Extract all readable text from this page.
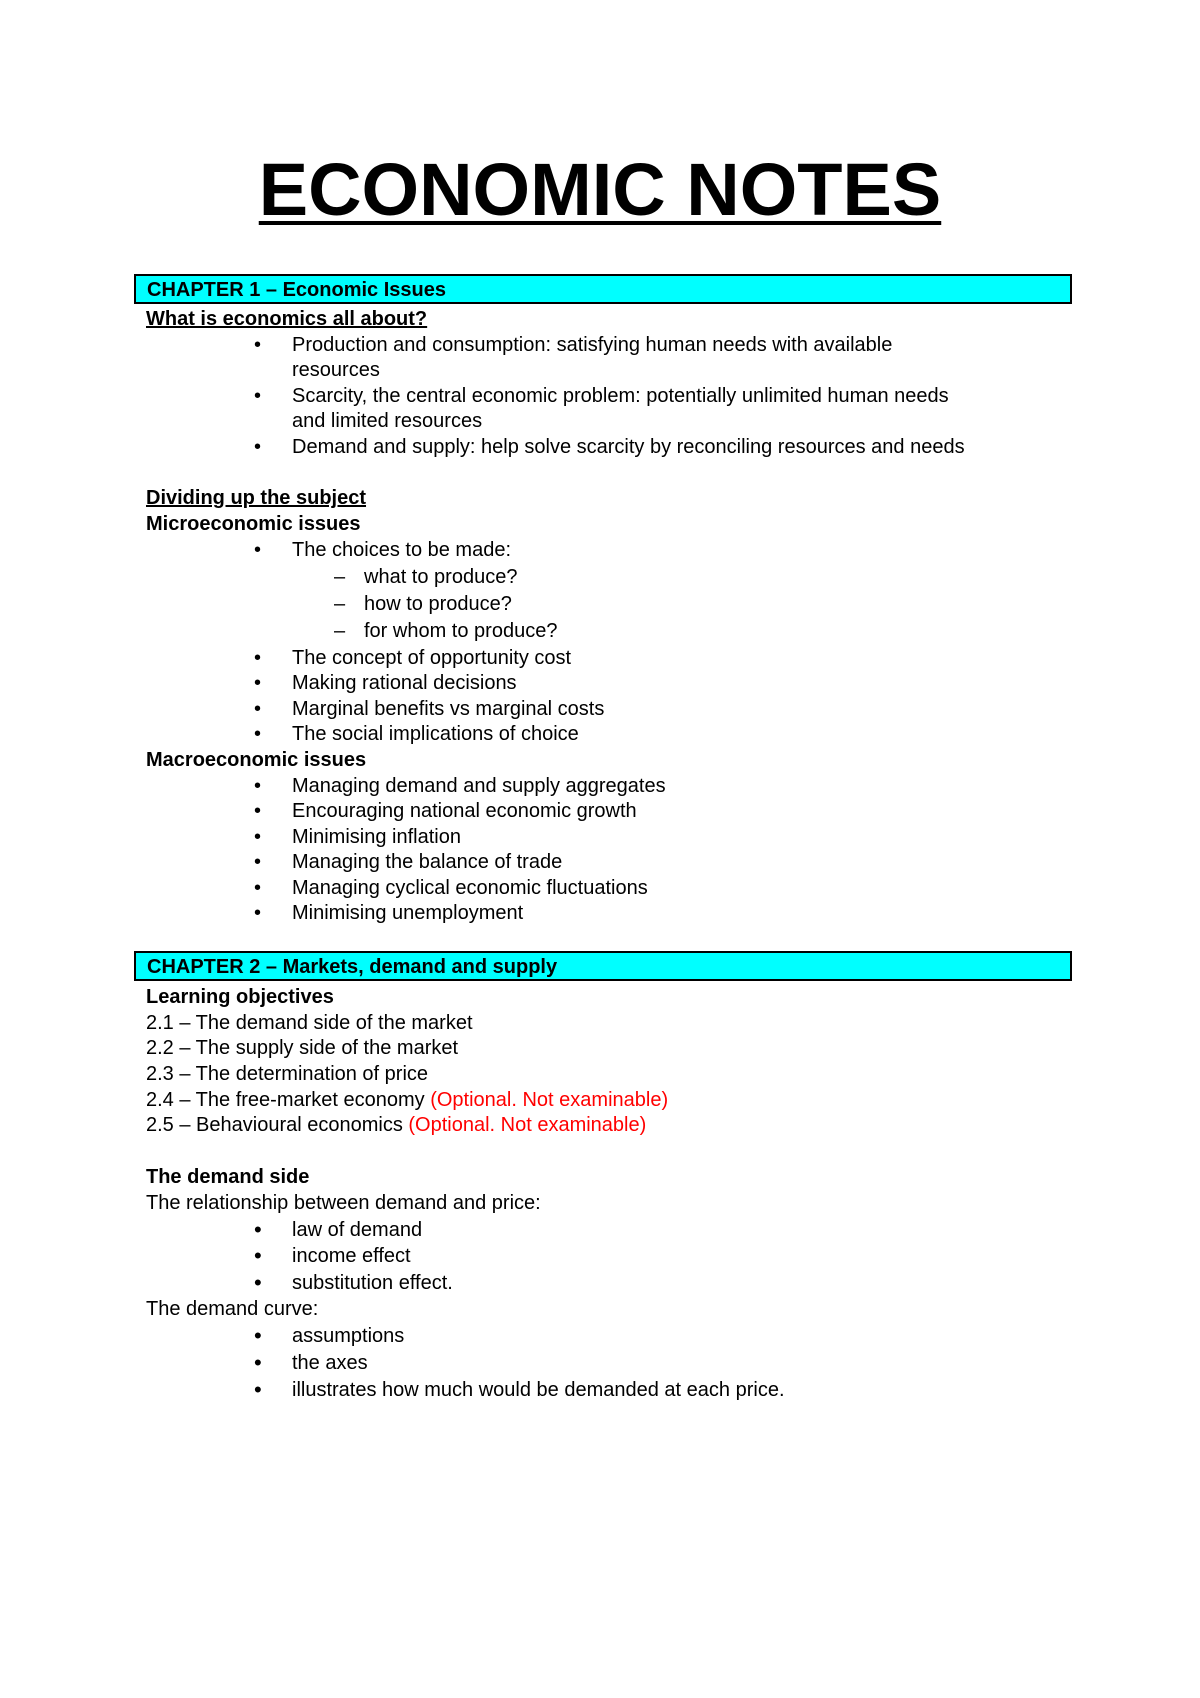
ECONOMIC NOTES
CHAPTER 1 – Economic Issues
What is economics all about?
• Production and consumption: satisfying human needs with available
resources
• Scarcity, the central economic problem: potentially unlimited human needs
and limited resources
• Demand and supply: help solve scarcity by reconciling resources and needs
Dividing up the subject
Microeconomic issues
• The choices to be made:
– what to produce?
– how to produce?
– for whom to produce?
• The concept of opportunity cost
• Making rational decisions
• Marginal benefits vs marginal costs
• The social implications of choice
Macroeconomic issues
• Managing demand and supply aggregates
• Encouraging national economic growth
• Minimising inflation
• Managing the balance of trade
• Managing cyclical economic fluctuations
• Minimising unemployment
CHAPTER 2 – Markets, demand and supply
Learning objectives
2.1 – The demand side of the market
2.2 – The supply side of the market
2.3 – The determination of price
2.4 – The free-market economy (Optional. Not examinable)
2.5 – Behavioural economics (Optional. Not examinable)
The demand side
The relationship between demand and price:
• law of demand
• income effect
• substitution effect.
The demand curve:
• assumptions
• the axes
• illustrates how much would be demanded at each price.
